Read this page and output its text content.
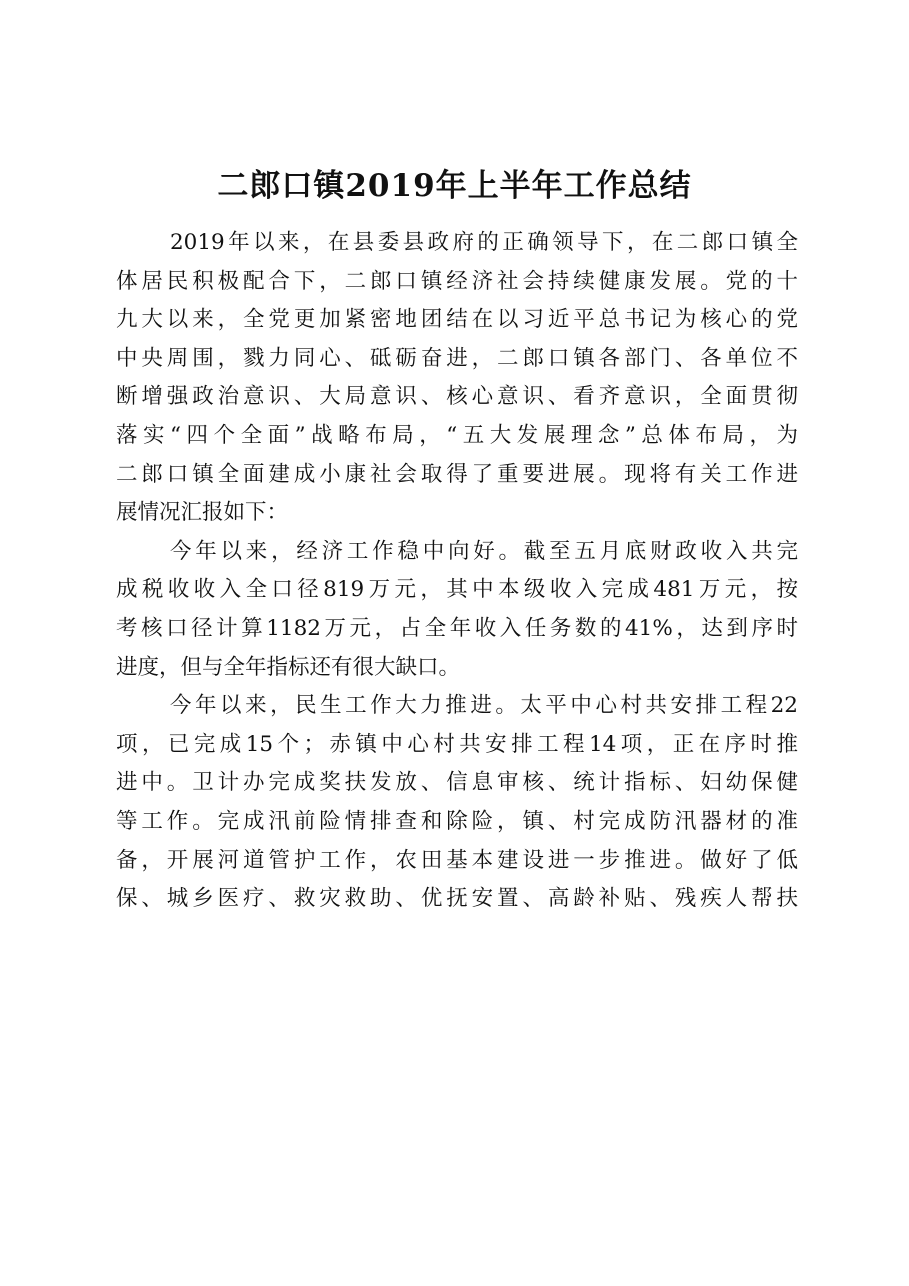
二郎口镇2019年上半年工作总结
2019年以来，在县委县政府的正确领导下，在二郎口镇全
体居民积极配合下，二郎口镇经济社会持续健康发展。党的十
九大以来，全党更加紧密地团结在以习近平总书记为核心的党
中央周围，戮力同心、砥砺奋进，二郎口镇各部门、各单位不
断增强政治意识、大局意识、核心意识、看齐意识，全面贯彻
落实“四个全面”战略布局，“五大发展理念”总体布局，为
二郎口镇全面建成小康社会取得了重要进展。现将有关工作进
展情况汇报如下：
今年以来，经济工作稳中向好。截至五月底财政收入共完
成税收收入全口径819万元，其中本级收入完成481万元，按
考核口径计算1182万元，占全年收入任务数的41%，达到序时
进度，但与全年指标还有很大缺口。
今年以来，民生工作大力推进。太平中心村共安排工程22
项，已完成15个；赤镇中心村共安排工程14项，正在序时推
进中。卫计办完成奖扶发放、信息审核、统计指标、妇幼保健
等工作。完成汛前险情排查和除险，镇、村完成防汛器材的准
备，开展河道管护工作，农田基本建设进一步推进。做好了低
保、城乡医疗、救灾救助、优抚安置、高龄补贴、残疾人帮扶
